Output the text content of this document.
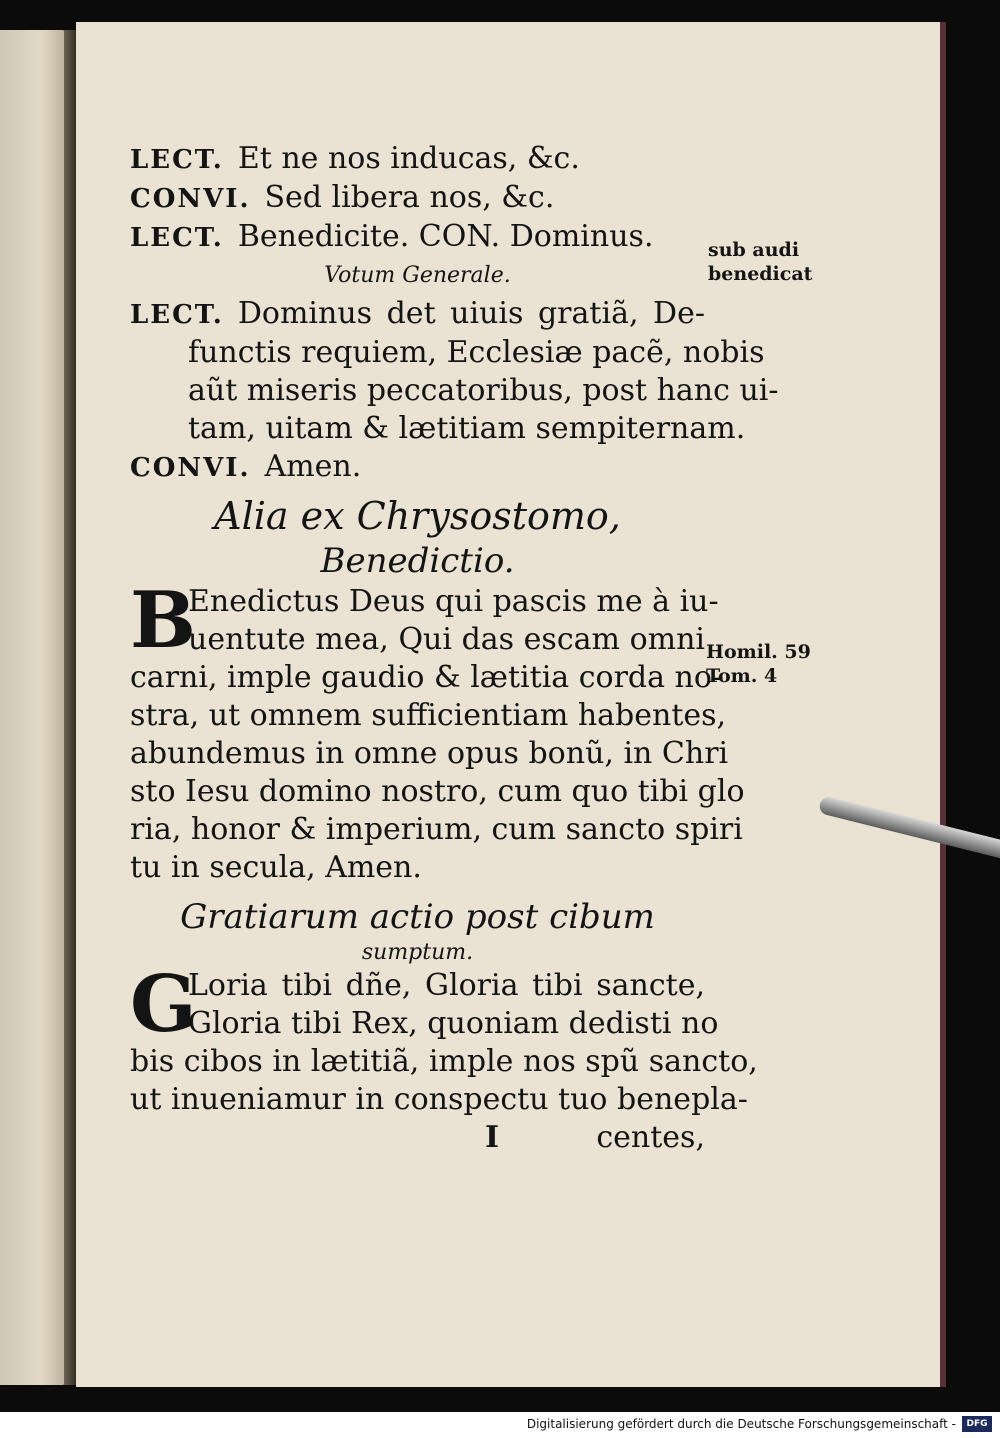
LECT. Et ne nos inducas, &c.
CONVI. Sed libera nos, &c.
LECT. Benedicite. CON. Dominus.
Votum Generale.
LECT. Dominus det uiuis gratiã, De-
functis requiem, Ecclesiæ pacẽ, nobis
aũt miseris peccatoribus, post hanc ui-
tam, uitam & lætitiam sempiternam.
CONVI. Amen.
Alia ex Chrysostomo,
Benedictio.
B
Enedictus Deus qui pascis me à iu-
uentute mea, Qui das escam omni
carni, imple gaudio & lætitia corda no-
stra, ut omnem sufficientiam habentes,
abundemus in omne opus bonũ, in Chri
sto Iesu domino nostro, cum quo tibi glo
ria, honor & imperium, cum sancto spiri
tu in secula, Amen.
Gratiarum actio post cibum
sumptum.
G
Loria tibi dñe, Gloria tibi sancte,
Gloria tibi Rex, quoniam dedisti no
bis cibos in lætitiã, imple nos spũ sancto,
ut inueniamur in conspectu tuo benepla-
I	centes,
sub audi
benedicat
Homil. 59
Tom. 4
Digitalisierung gefördert durch die Deutsche Forschungsgemeinschaft -	DFG
